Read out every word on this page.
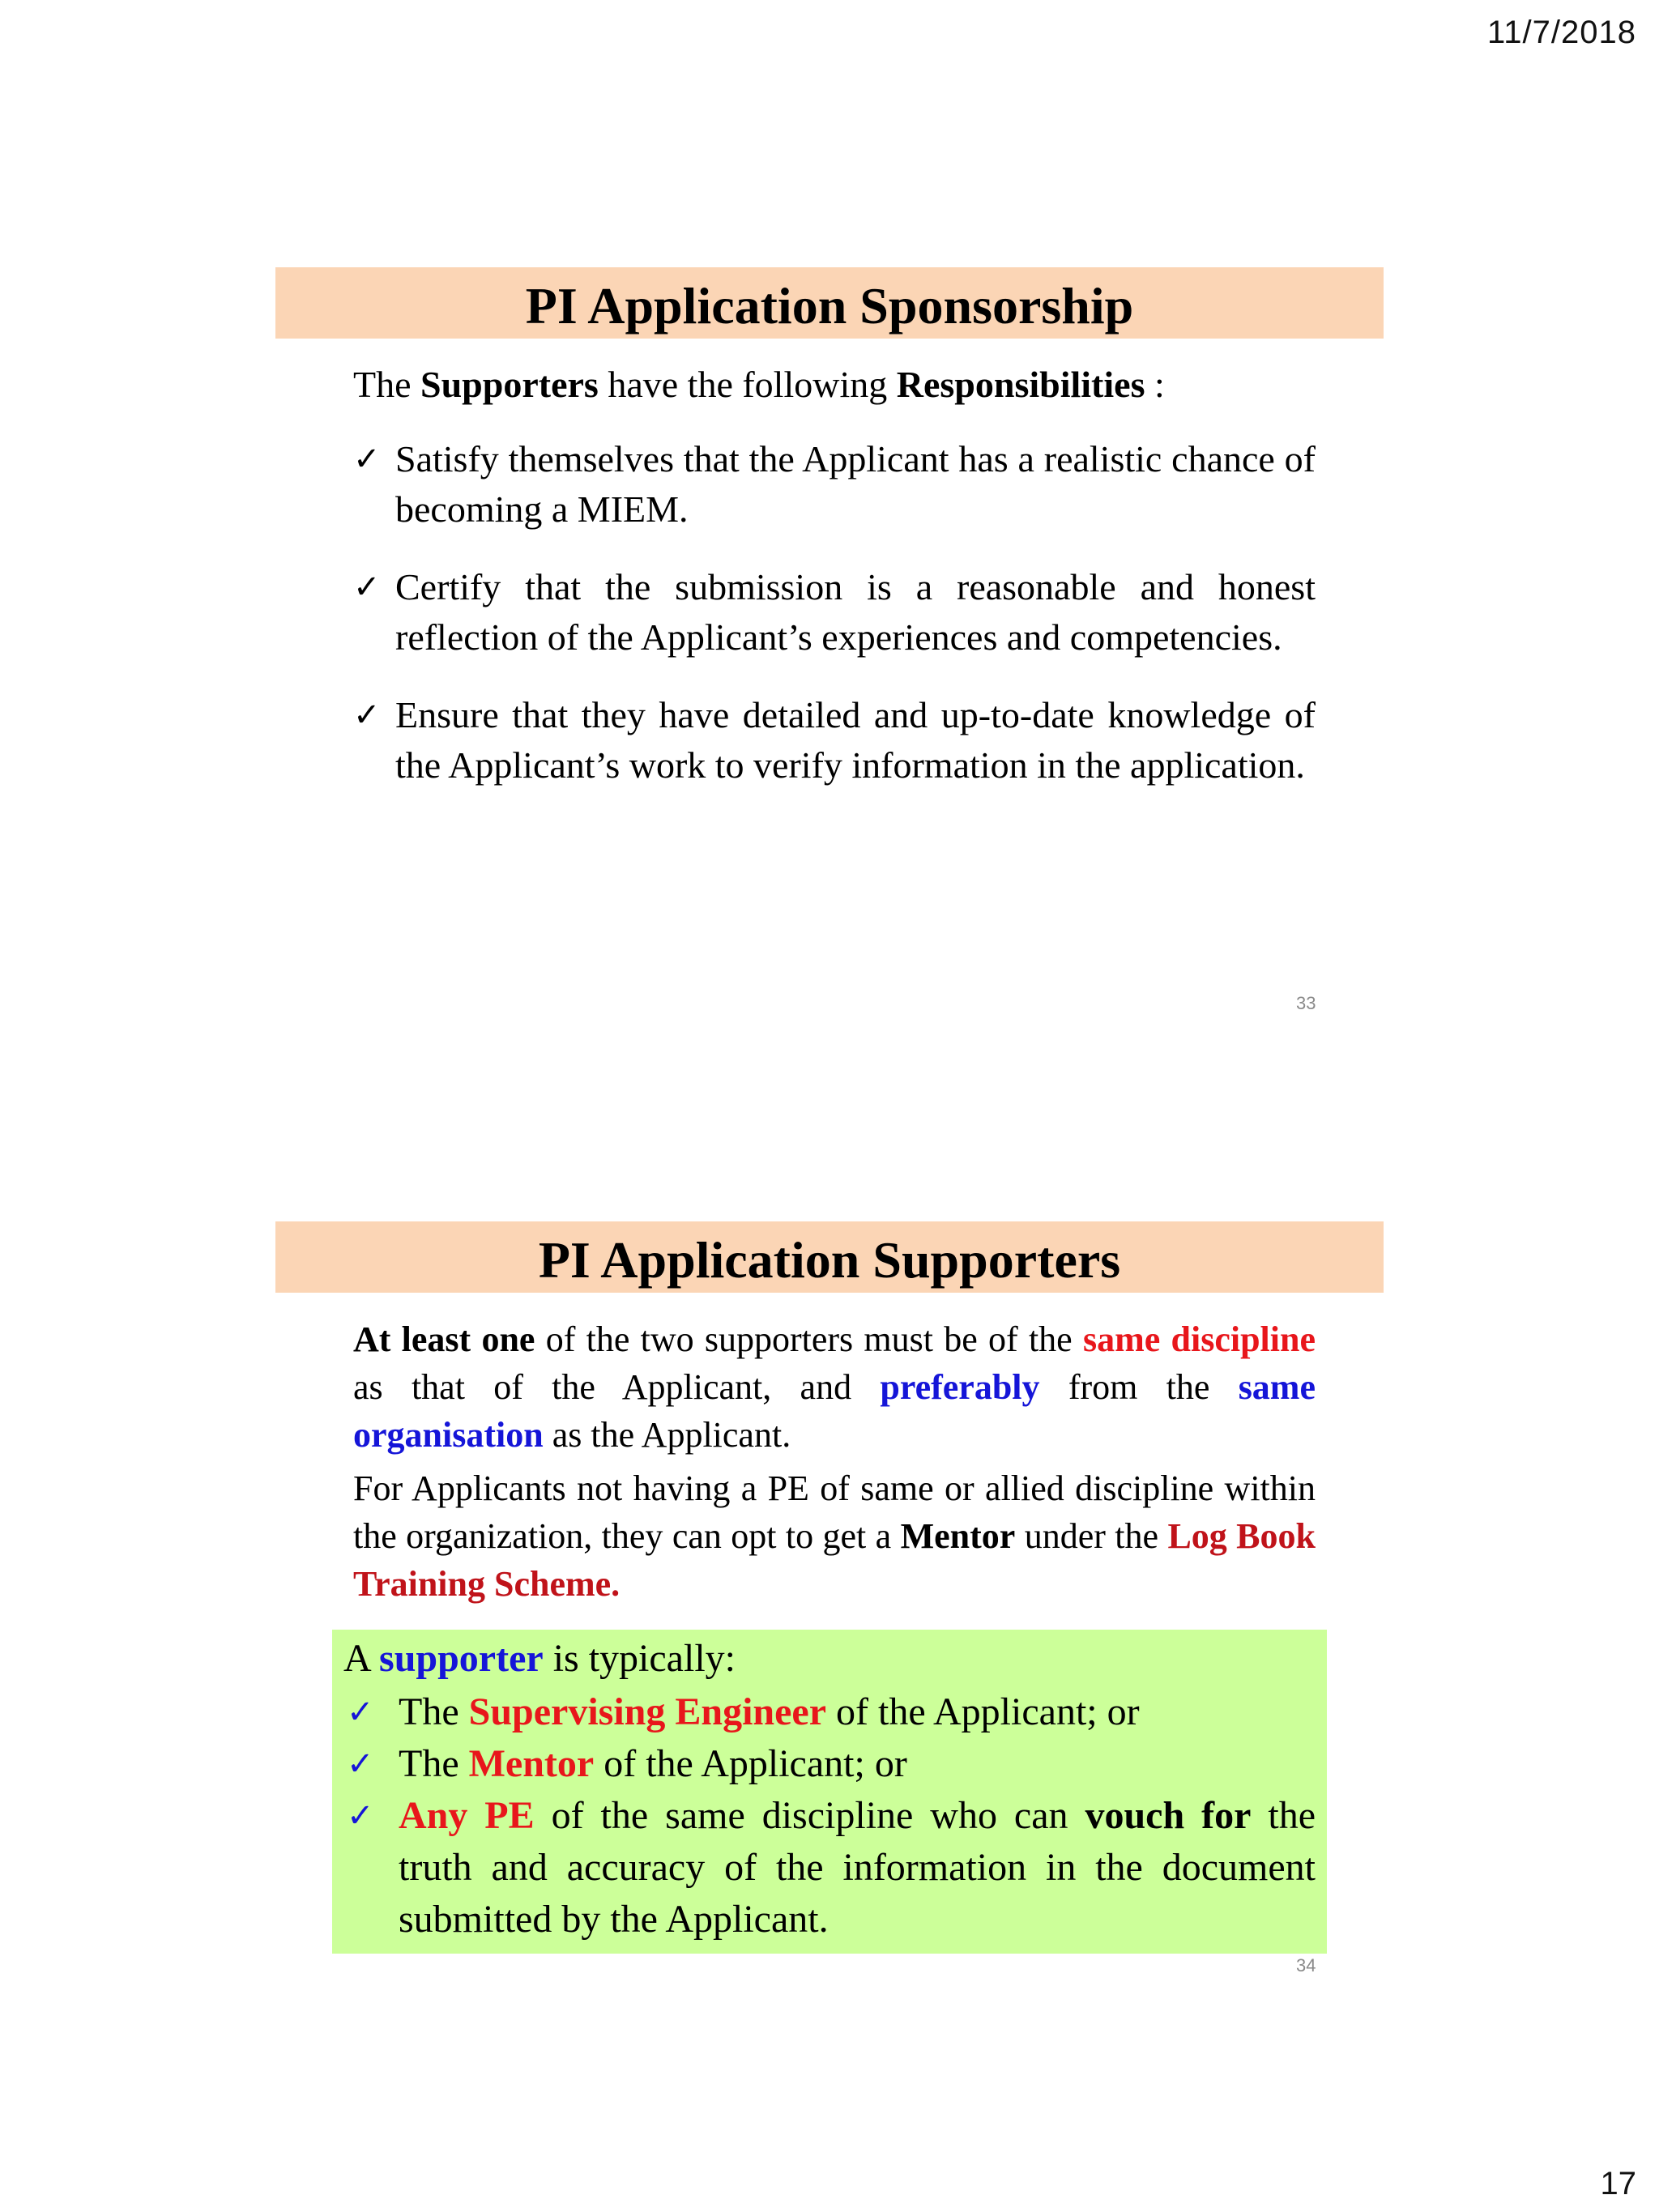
11/7/2018
PI Application Sponsorship
The Supporters have the following Responsibilities :
✓ Satisfy themselves that the Applicant has a realistic chance of becoming a MIEM.
✓ Certify that the submission is a reasonable and honest reflection of the Applicant’s experiences and competencies.
✓ Ensure that they have detailed and up-to-date knowledge of the Applicant’s work to verify information in the application.
33
PI Application Supporters
At least one of the two supporters must be of the same discipline as that of the Applicant, and preferably from the same organisation as the Applicant.
For Applicants not having a PE of same or allied discipline within the organization, they can opt to get a Mentor under the Log Book Training Scheme.
A supporter is typically:
✓ The Supervising Engineer of the Applicant; or
✓ The Mentor of the Applicant; or
✓ Any PE of the same discipline who can vouch for the truth and accuracy of the information in the document submitted by the Applicant.
34
17
